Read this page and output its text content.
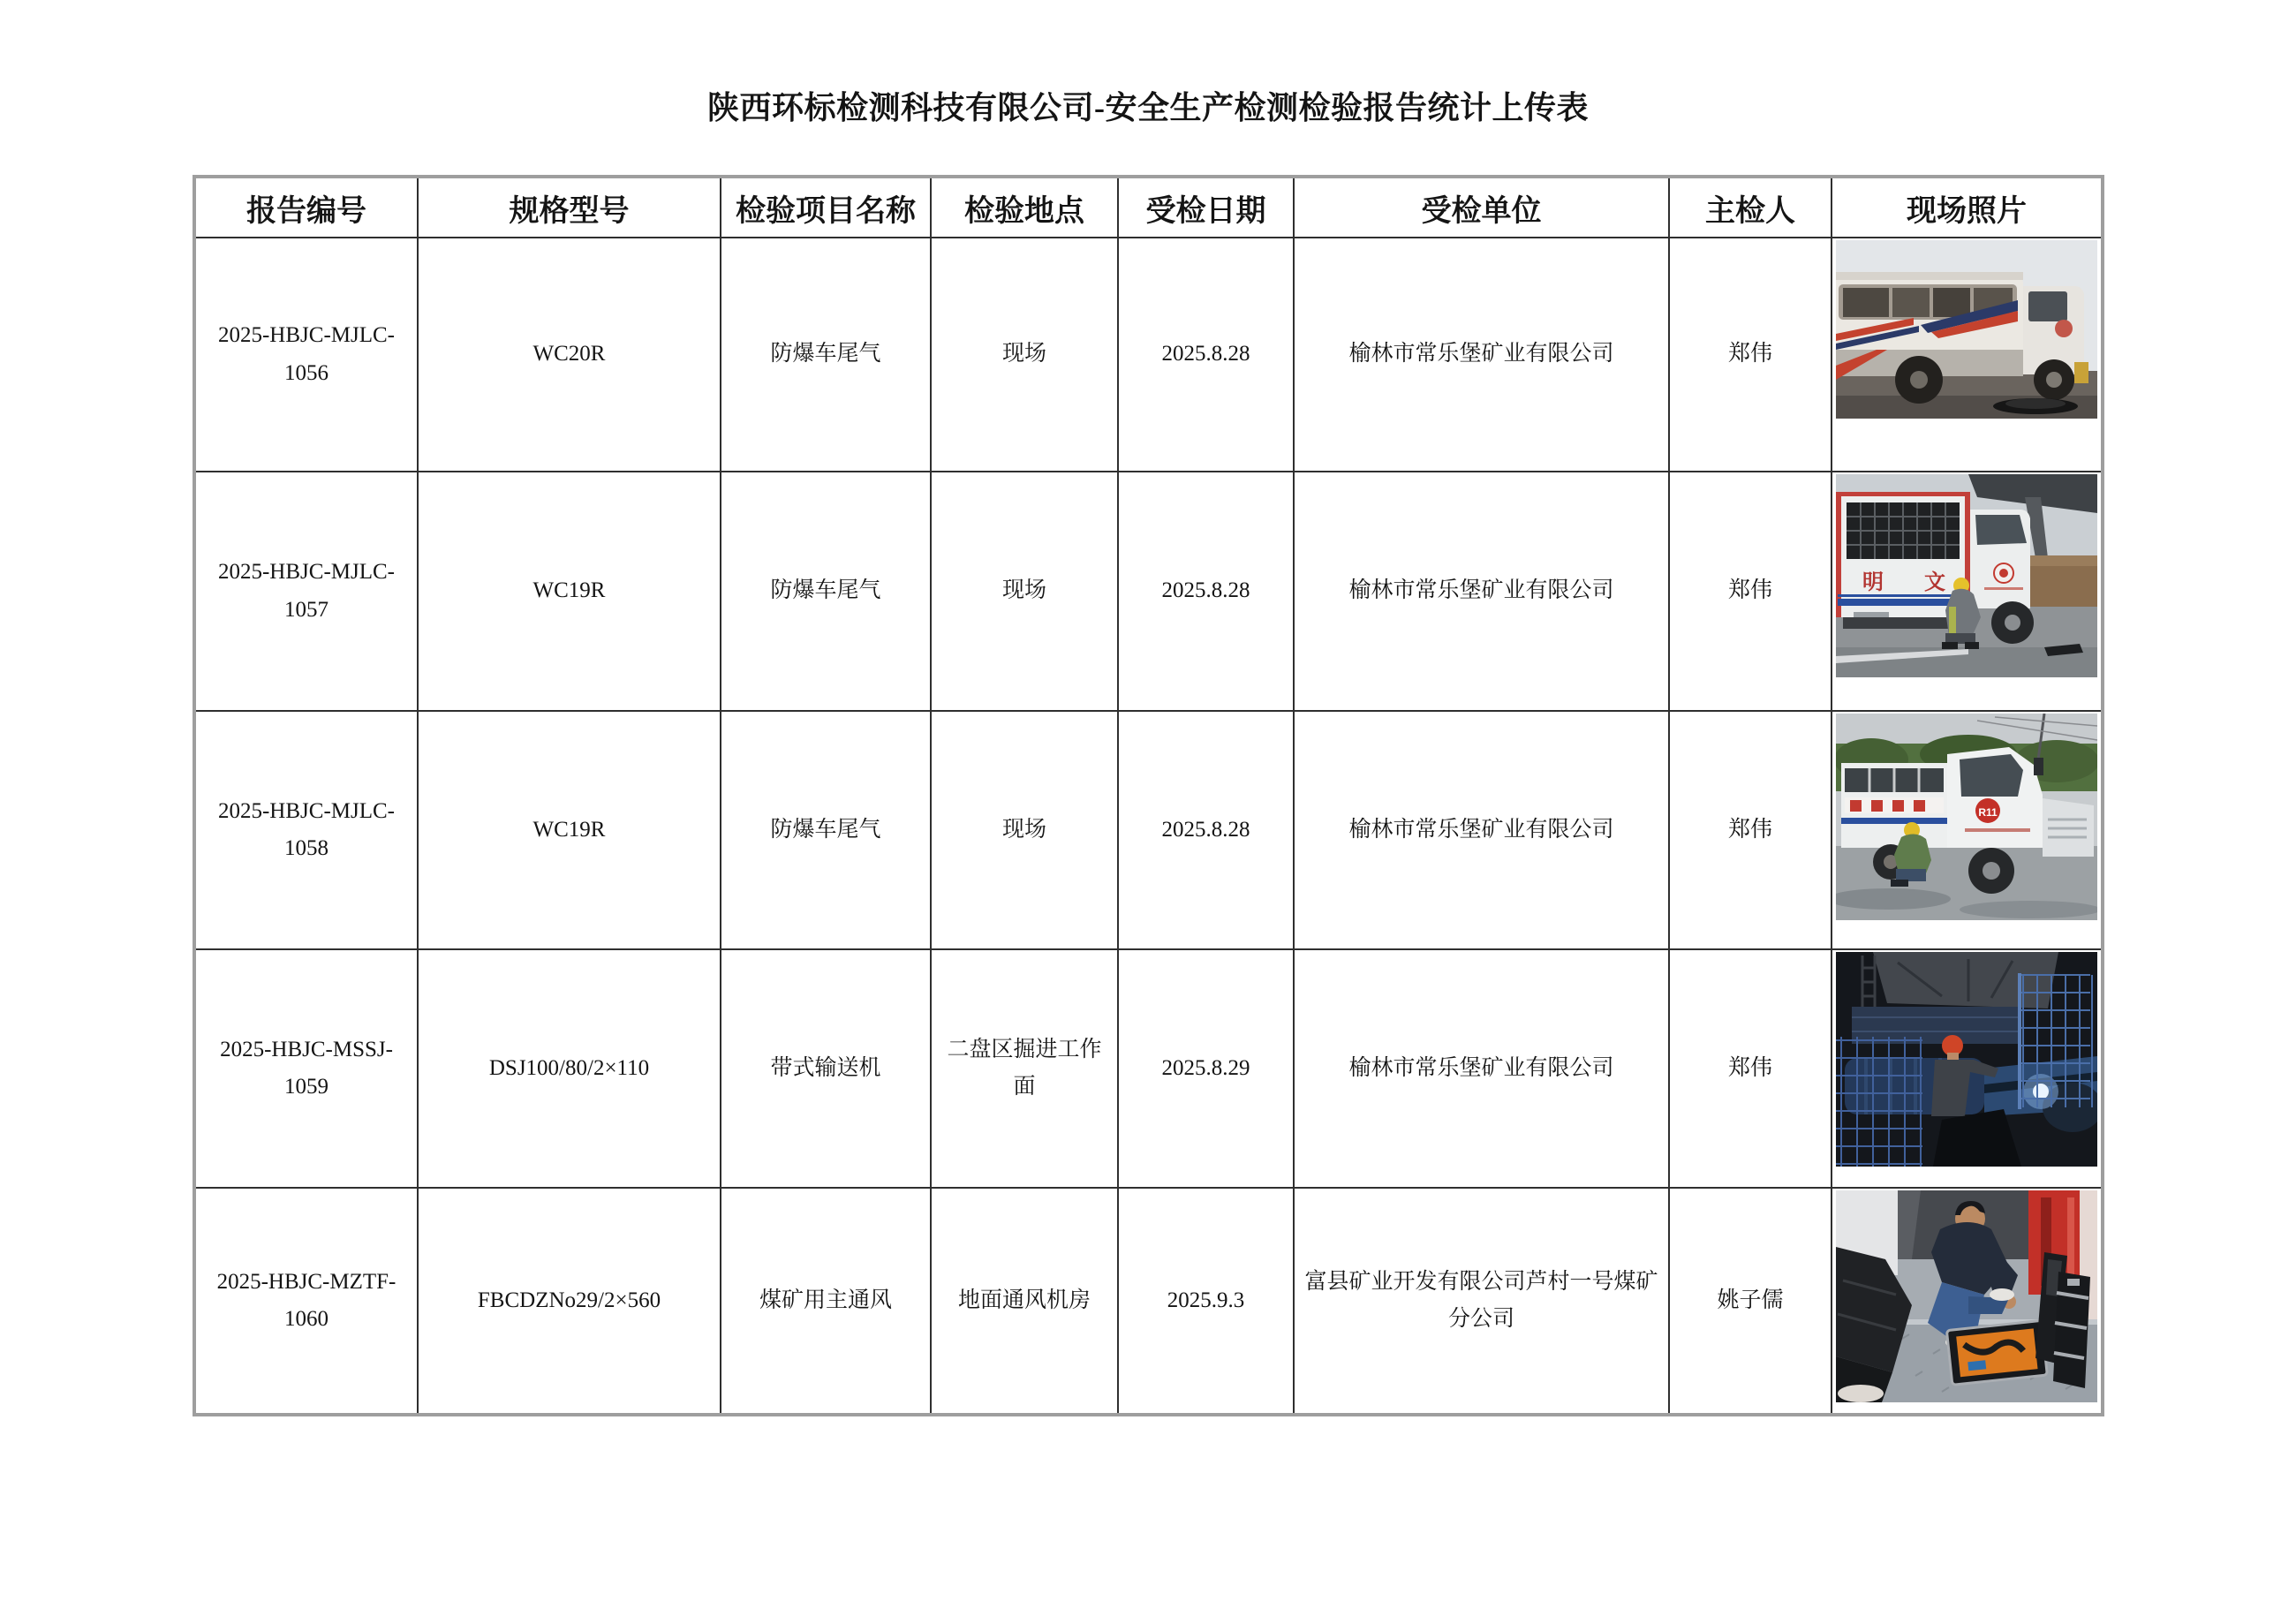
陕西环标检测科技有限公司-安全生产检测检验报告统计上传表
报告编号	规格型号	检验项目名称	检验地点	受检日期	受检单位	主检人	现场照片
2025-HBJC-MJLC-1056	WC20R	防爆车尾气	现场	2025.8.28	榆林市常乐堡矿业有限公司	郑伟	

2025-HBJC-MJLC-1057	WC19R	防爆车尾气	现场	2025.8.28	榆林市常乐堡矿业有限公司	郑伟	明 文

2025-HBJC-MJLC-1058	WC19R	防爆车尾气	现场	2025.8.28	榆林市常乐堡矿业有限公司	郑伟	R11

2025-HBJC-MSSJ-1059	DSJ100/80/2×110	带式输送机	二盘区掘进工作面	2025.8.29	榆林市常乐堡矿业有限公司	郑伟	

2025-HBJC-MZTF-1060	FBCDZNo29/2×560	煤矿用主通风	地面通风机房	2025.9.3	富县矿业开发有限公司芦村一号煤矿分公司	姚子儒	
